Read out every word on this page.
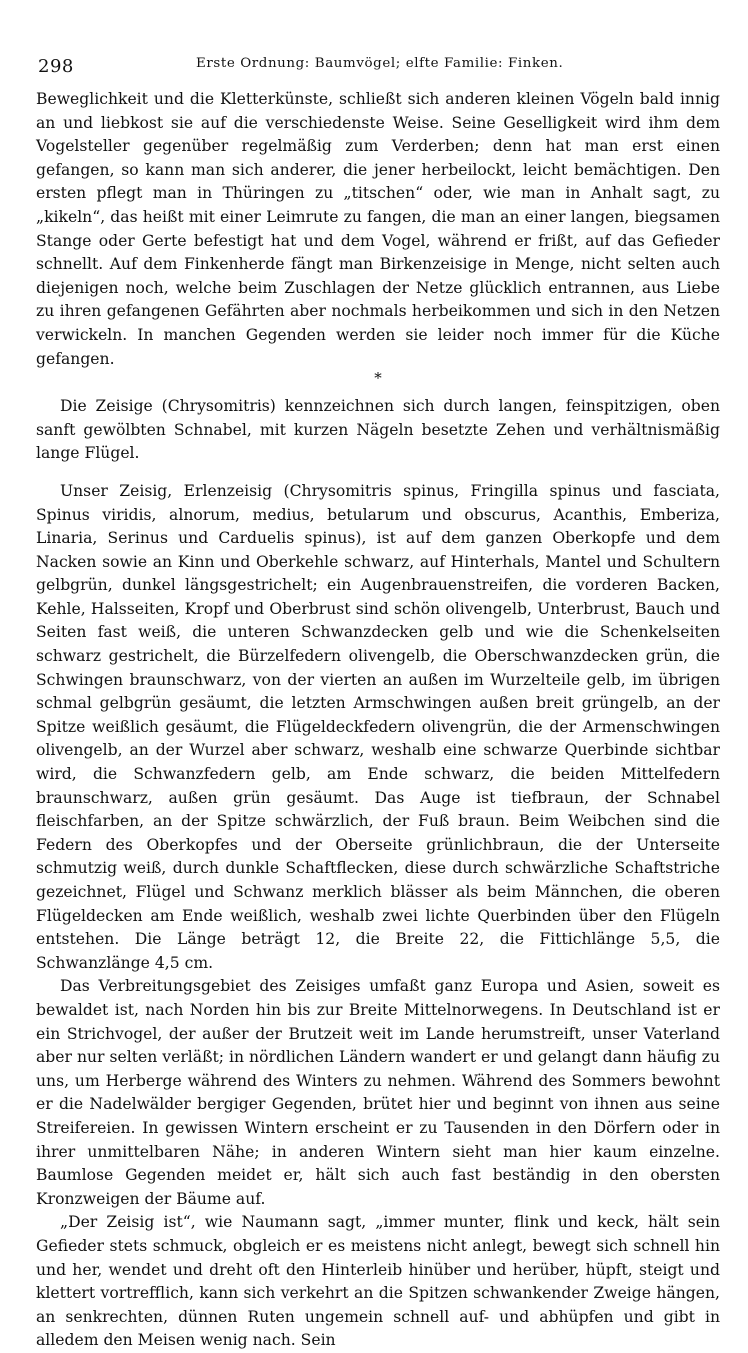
298	Erste Ordnung: Baumvögel; elfte Familie: Finken.

Beweglichkeit und die Kletterkünste, schließt sich anderen kleinen Vögeln bald innig an und liebkost sie auf die verschiedenste Weise. Seine Geselligkeit wird ihm dem Vogelsteller gegenüber regelmäßig zum Verderben; denn hat man erst einen gefangen, so kann man sich anderer, die jener herbeilockt, leicht bemächtigen. Den ersten pflegt man in Thüringen zu „titschen“ oder, wie man in Anhalt sagt, zu „kikeln“, das heißt mit einer Leimrute zu fangen, die man an einer langen, biegsamen Stange oder Gerte befestigt hat und dem Vogel, während er frißt, auf das Gefieder schnellt. Auf dem Finkenherde fängt man Birkenzeisige in Menge, nicht selten auch diejenigen noch, welche beim Zuschlagen der Netze glücklich entrannen, aus Liebe zu ihren gefangenen Gefährten aber nochmals herbeikommen und sich in den Netzen verwickeln. In manchen Gegenden werden sie leider noch immer für die Küche gefangen.

*

Die Zeisige (Chrysomitris) kennzeichnen sich durch langen, feinspitzigen, oben sanft gewölbten Schnabel, mit kurzen Nägeln besetzte Zehen und verhältnismäßig lange Flügel.

Unser Zeisig, Erlenzeisig (Chrysomitris spinus, Fringilla spinus und fasciata, Spinus viridis, alnorum, medius, betularum und obscurus, Acanthis, Emberiza, Linaria, Serinus und Carduelis spinus), ist auf dem ganzen Oberkopfe und dem Nacken sowie an Kinn und Oberkehle schwarz, auf Hinterhals, Mantel und Schultern gelbgrün, dunkel längsgestrichelt; ein Augenbrauenstreifen, die vorderen Backen, Kehle, Halsseiten, Kropf und Oberbrust sind schön olivengelb, Unterbrust, Bauch und Seiten fast weiß, die unteren Schwanzdecken gelb und wie die Schenkelseiten schwarz gestrichelt, die Bürzelfedern olivengelb, die Oberschwanzdecken grün, die Schwingen braunschwarz, von der vierten an außen im Wurzelteile gelb, im übrigen schmal gelbgrün gesäumt, die letzten Armschwingen außen breit grüngelb, an der Spitze weißlich gesäumt, die Flügeldeckfedern olivengrün, die der Armenschwingen olivengelb, an der Wurzel aber schwarz, weshalb eine schwarze Querbinde sichtbar wird, die Schwanzfedern gelb, am Ende schwarz, die beiden Mittelfedern braunschwarz, außen grün gesäumt. Das Auge ist tiefbraun, der Schnabel fleischfarben, an der Spitze schwärzlich, der Fuß braun. Beim Weibchen sind die Federn des Oberkopfes und der Oberseite grünlichbraun, die der Unterseite schmutzig weiß, durch dunkle Schaftflecken, diese durch schwärzliche Schaftstriche gezeichnet, Flügel und Schwanz merklich blässer als beim Männchen, die oberen Flügeldecken am Ende weißlich, weshalb zwei lichte Querbinden über den Flügeln entstehen. Die Länge beträgt 12, die Breite 22, die Fittichlänge 5,5, die Schwanzlänge 4,5 cm.

Das Verbreitungsgebiet des Zeisiges umfaßt ganz Europa und Asien, soweit es bewaldet ist, nach Norden hin bis zur Breite Mittelnorwegens. In Deutschland ist er ein Strichvogel, der außer der Brutzeit weit im Lande herumstreift, unser Vaterland aber nur selten verläßt; in nördlichen Ländern wandert er und gelangt dann häufig zu uns, um Herberge während des Winters zu nehmen. Während des Sommers bewohnt er die Nadelwälder bergiger Gegenden, brütet hier und beginnt von ihnen aus seine Streifereien. In gewissen Wintern erscheint er zu Tausenden in den Dörfern oder in ihrer unmittelbaren Nähe; in anderen Wintern sieht man hier kaum einzelne. Baumlose Gegenden meidet er, hält sich auch fast beständig in den obersten Kronzweigen der Bäume auf.

„Der Zeisig ist“, wie Naumann sagt, „immer munter, flink und keck, hält sein Gefieder stets schmuck, obgleich er es meistens nicht anlegt, bewegt sich schnell hin und her, wendet und dreht oft den Hinterleib hinüber und herüber, hüpft, steigt und klettert vortrefflich, kann sich verkehrt an die Spitzen schwankender Zweige hängen, an senkrechten, dünnen Ruten ungemein schnell auf- und abhüpfen und gibt in alledem den Meisen wenig nach. Sein
